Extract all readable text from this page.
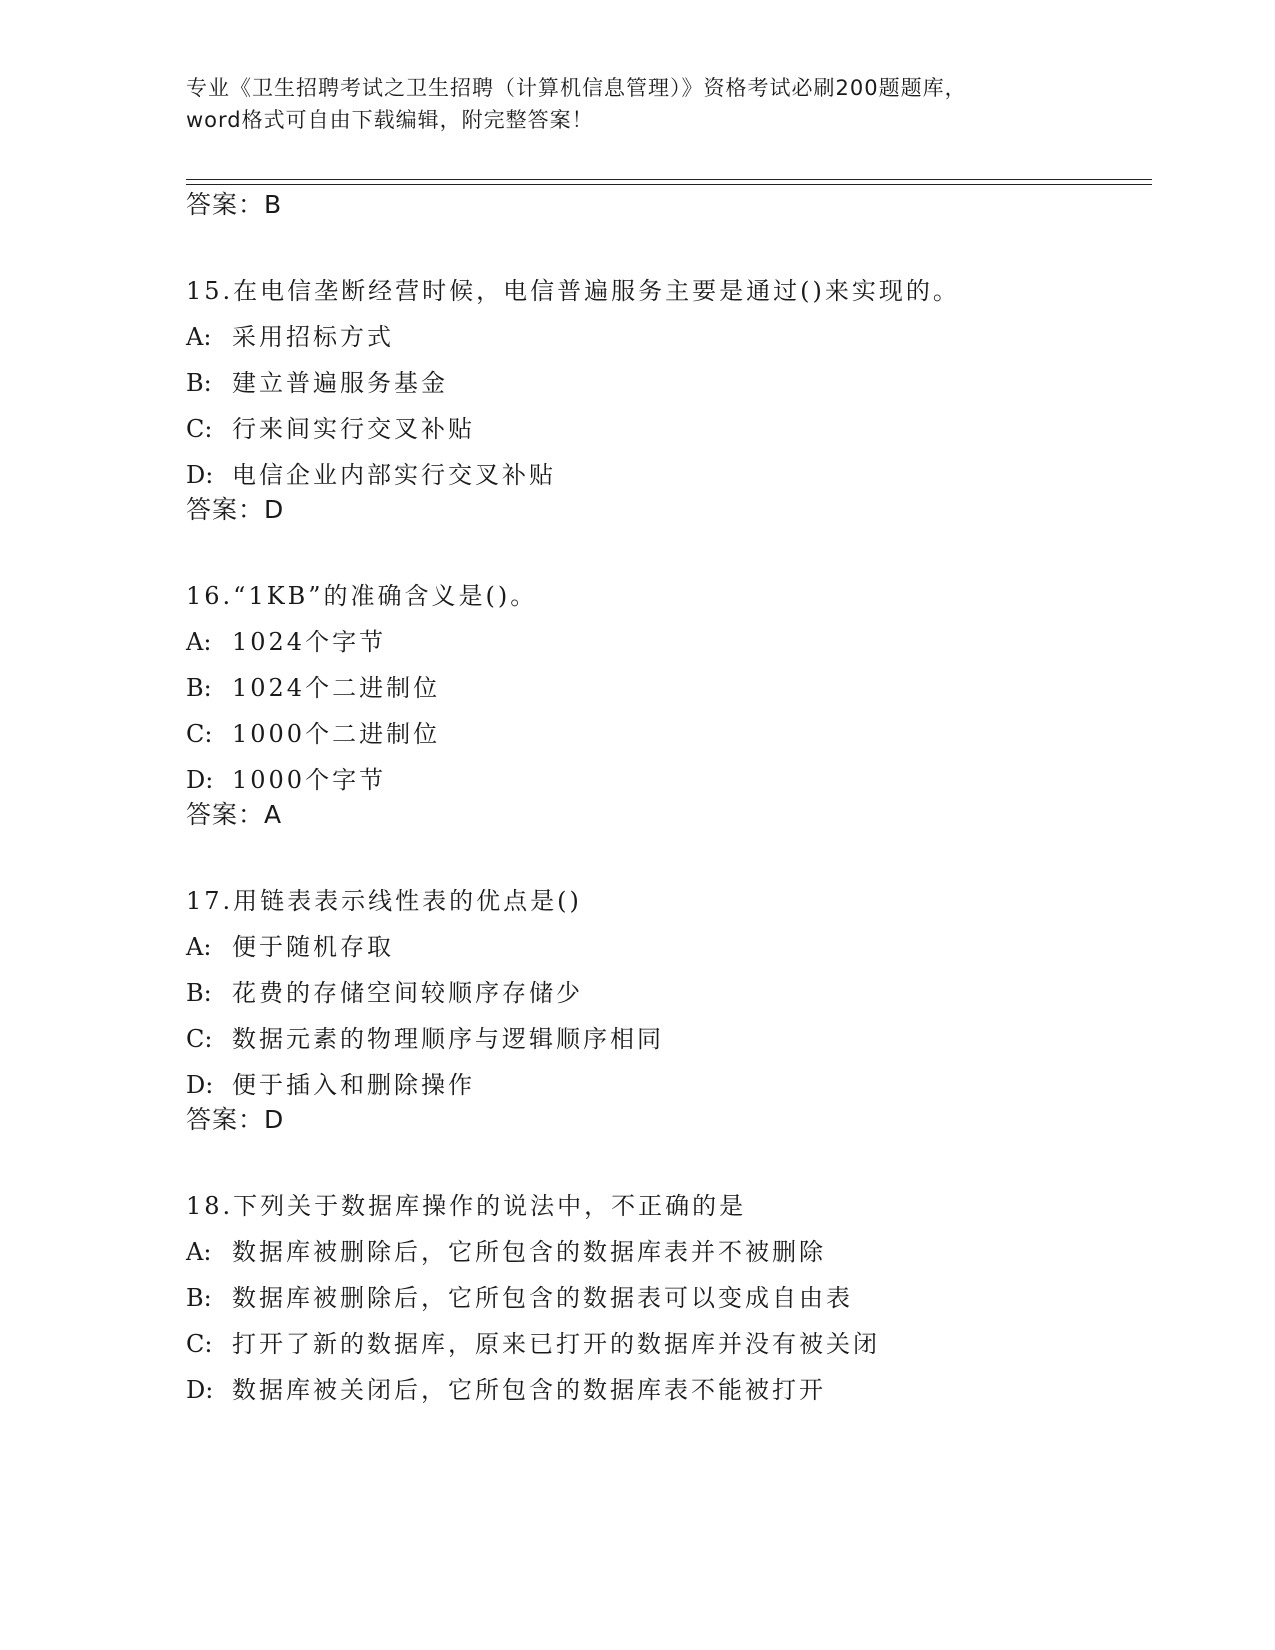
专业《卫生招聘考试之卫生招聘（计算机信息管理）》资格考试必刷200题题库，
word格式可自由下载编辑，附完整答案！
答案：B
15.在电信垄断经营时候，电信普遍服务主要是通过()来实现的。
A: 采用招标方式
B: 建立普遍服务基金
C: 行来间实行交叉补贴
D: 电信企业内部实行交叉补贴
答案：D
16.“1KB”的准确含义是()。
A: 1024个字节
B: 1024个二进制位
C: 1000个二进制位
D: 1000个字节
答案：A
17.用链表表示线性表的优点是()
A: 便于随机存取
B: 花费的存储空间较顺序存储少
C: 数据元素的物理顺序与逻辑顺序相同
D: 便于插入和删除操作
答案：D
18.下列关于数据库操作的说法中，不正确的是
A: 数据库被删除后，它所包含的数据库表并不被删除
B: 数据库被删除后，它所包含的数据表可以变成自由表
C: 打开了新的数据库，原来已打开的数据库并没有被关闭
D: 数据库被关闭后，它所包含的数据库表不能被打开
